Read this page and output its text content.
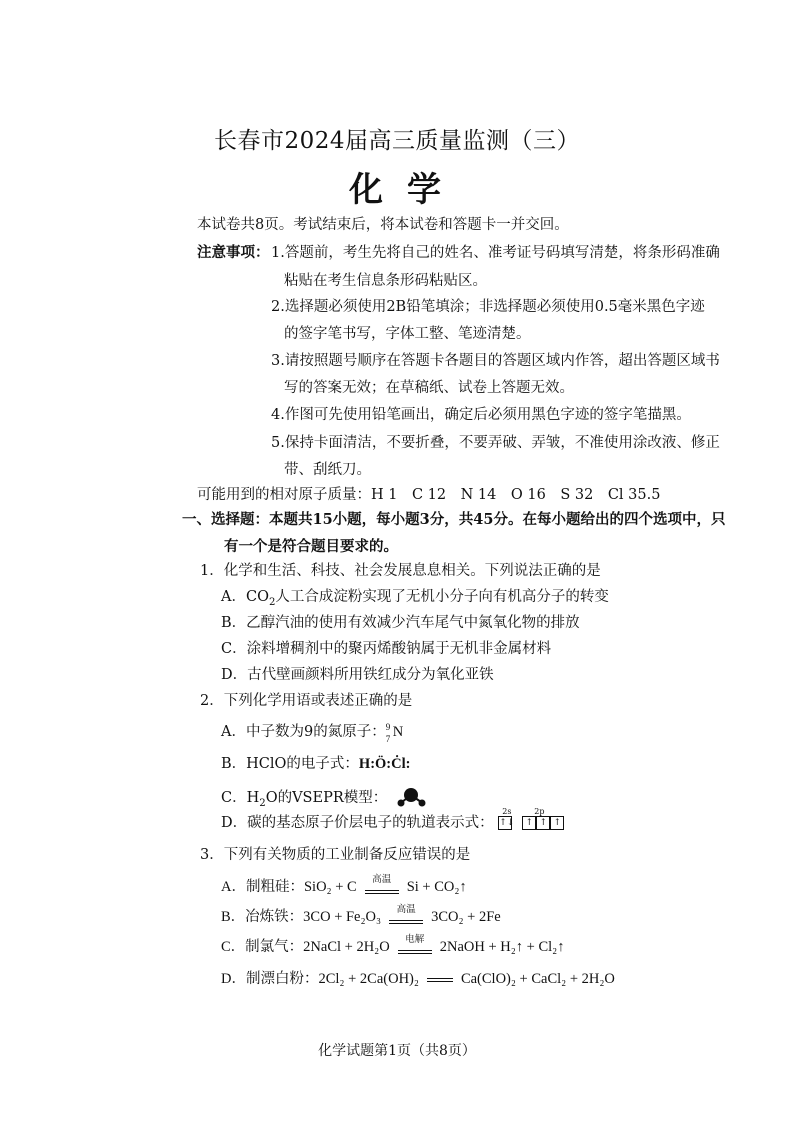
长春市2024届高三质量监测（三）
化学
本试卷共8页。考试结束后，将本试卷和答题卡一并交回。
注意事项： 1.答题前，考生先将自己的姓名、准考证号码填写清楚，将条形码准确
粘贴在考生信息条形码粘贴区。
2.选择题必须使用2B铅笔填涂；非选择题必须使用0.5毫米黑色字迹
的签字笔书写，字体工整、笔迹清楚。
3.请按照题号顺序在答题卡各题目的答题区域内作答，超出答题区域书
写的答案无效；在草稿纸、试卷上答题无效。
4.作图可先使用铅笔画出，确定后必须用黑色字迹的签字笔描黑。
5.保持卡面清洁，不要折叠，不要弄破、弄皱，不准使用涂改液、修正
带、刮纸刀。
可能用到的相对原子质量：H 1　C 12　N 14　O 16　S 32　Cl 35.5
一、选择题：本题共15小题，每小题3分，共45分。在每小题给出的四个选项中，只
有一个是符合题目要求的。
1．化学和生活、科技、社会发展息息相关。下列说法正确的是
A．$CO_2$人工合成淀粉实现了无机小分子向有机高分子的转变
B．乙醇汽油的使用有效减少汽车尾气中氮氧化物的排放
C．涂料增稠剂中的聚丙烯酸钠属于无机非金属材料
D．古代壁画颜料所用铁红成分为氧化亚铁
2．下列化学用语或表述正确的是
A．中子数为9的氮原子： 9
7 N
B．HClO的电子式：H:Ö:Ċl:
C．$H_2O$的VSEPR模型：
D．碳的基态原子价层电子的轨道表示式：
2s	2p
↑↓	↑ ↑ ↑
3．下列有关物质的工业制备反应错误的是
A．制粗硅：SiO₂ + C	高温	Si + CO₂↑
B．冶炼铁：3CO + Fe₂O₃	高温	3CO₂ + 2Fe
C．制氯气：2NaCl + 2H₂O	电解	2NaOH + H₂↑ + Cl₂↑
D．制漂白粉：2Cl₂ + 2Ca(OH)₂	Ca(ClO)₂ + CaCl₂ + 2H₂O
化学试题第1页（共8页）
